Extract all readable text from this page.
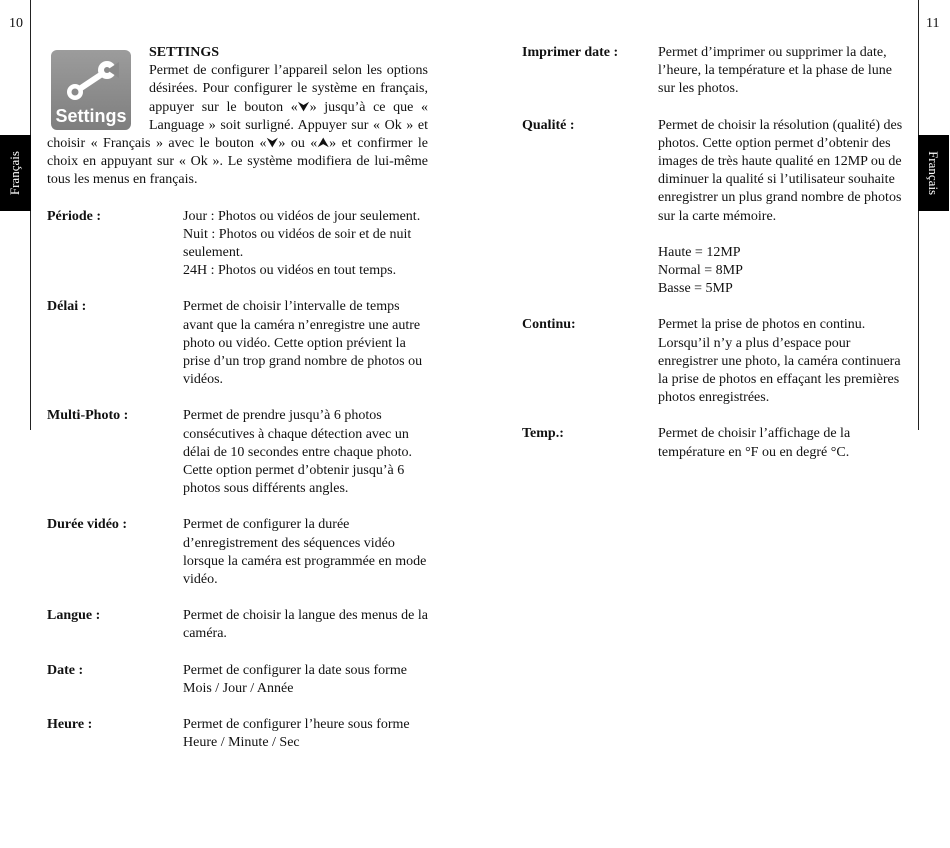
10	11
Français	Français
Settings
SETTINGS

Permet de configurer l’appareil selon les options désirées. Pour configurer le système en français, appuyer sur le bouton «⮟» jusqu’à ce que « Language » soit surligné. Appuyer sur « Ok » et choisir « Français » avec le bouton «⮟» ou «⮝» et confirmer le choix en appuyant sur « Ok ». Le système modifiera de lui-même tous les menus en français.

Période :	Jour : Photos ou vidéos de jour seulement.
Nuit : Photos ou vidéos de soir et de nuit seulement.
24H : Photos ou vidéos en tout temps.
Délai :	Permet de choisir l’intervalle de temps avant que la caméra n’enregistre une autre photo ou vidéo. Cette option prévient la prise d’un trop grand nombre de photos ou vidéos.
Multi-Photo :	Permet de prendre jusqu’à 6 photos consécutives à chaque détection avec un délai de 10 secondes entre chaque photo. Cette option permet d’obtenir jusqu’à 6 photos sous différents angles.
Durée vidéo :	Permet de configurer la durée d’enregistrement des séquences vidéo lorsque la caméra est programmée en mode vidéo.
Langue :	Permet de choisir la langue des menus de la caméra.
Date :	Permet de configurer la date sous forme
Mois / Jour / Année
Heure :	Permet de configurer l’heure sous forme
Heure / Minute / Sec
Imprimer date :	Permet d’imprimer ou supprimer la date, l’heure, la température et la phase de lune sur les photos.
Qualité :	Permet de choisir la résolution (qualité) des photos. Cette option permet d’obtenir des images de très haute qualité en 12MP ou de diminuer la qualité si l’utilisateur souhaite enregistrer un plus grand nombre de photos sur la carte mémoire.
Haute = 12MP
Normal = 8MP
Basse = 5MP
Continu:	Permet la prise de photos en continu. Lorsqu’il n’y a plus d’espace pour enregistrer une photo, la caméra continuera la prise de photos en effaçant les premières photos enregistrées.
Temp.:	Permet de choisir l’affichage de la température en °F ou en degré °C.
